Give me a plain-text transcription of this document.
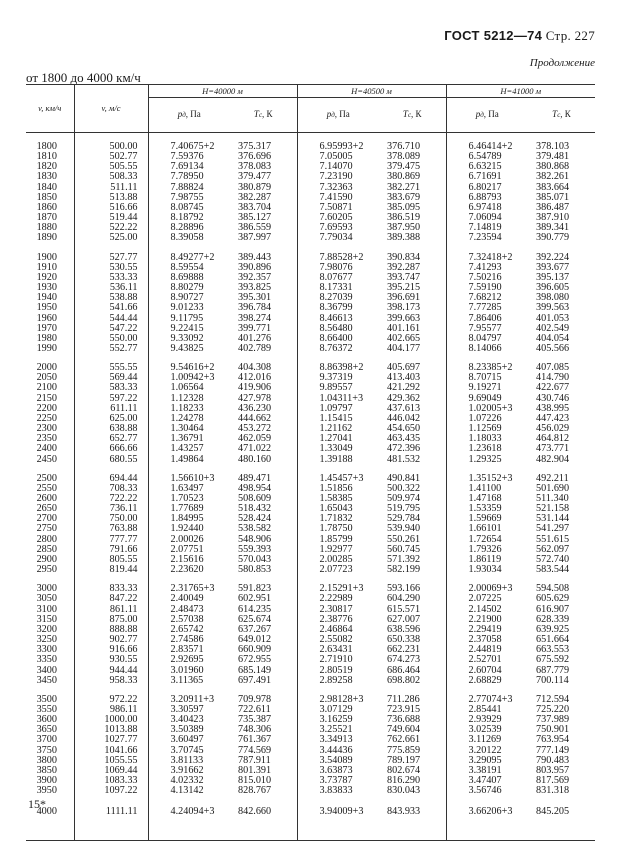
ГОСТ 5212—74 Стр. 227
Продолжение
от 1800 до 4000 км/ч
v, км/ч	v, м/с	H=40000 м		H=40500 м		H=41000 м	
		pд, Па	Tс, К	pд, Па	Tс, К	pд, Па	Tс, К
1800	500.00	7.40675+2	375.317	6.95993+2	376.710	6.46414+2	378.103
1810	502.77	7.59376	376.696	7.05005	378.089	6.54789	379.481
1820	505.55	7.69134	378.083	7.14070	379.475	6.63215	380.868
1830	508.33	7.78950	379.477	7.23190	380.869	6.71691	382.261
1840	511.11	7.88824	380.879	7.32363	382.271	6.80217	383.664
1850	513.88	7.98755	382.287	7.41590	383.679	6.88793	385.071
1860	516.66	8.08745	383.704	7.50871	385.095	6.97418	386.487
1870	519.44	8.18792	385.127	7.60205	386.519	7.06094	387.910
1880	522.22	8.28896	386.559	7.69593	387.950	7.14819	389.341
1890	525.00	8.39058	387.997	7.79034	389.388	7.23594	390.779
1900	527.77	8.49277+2	389.443	7.88528+2	390.834	7.32418+2	392.224
1910	530.55	8.59554	390.896	7.98076	392.287	7.41293	393.677
1920	533.33	8.69888	392.357	8.07677	393.747	7.50216	395.137
1930	536.11	8.80279	393.825	8.17331	395.215	7.59190	396.605
1940	538.88	8.90727	395.301	8.27039	396.691	7.68212	398.080
1950	541.66	9.01233	396.784	8.36799	398.173	7.77285	399.563
1960	544.44	9.11795	398.274	8.46613	399.663	7.86406	401.053
1970	547.22	9.22415	399.771	8.56480	401.161	7.95577	402.549
1980	550.00	9.33092	401.276	8.66400	402.665	8.04797	404.054
1990	552.77	9.43825	402.789	8.76372	404.177	8.14066	405.566
2000	555.55	9.54616+2	404.308	8.86398+2	405.697	8.23385+2	407.085
2050	569.44	1.00942+3	412.016	9.37319	413.403	8.70715	414.790
2100	583.33	1.06564	419.906	9.89557	421.292	9.19271	422.677
2150	597.22	1.12328	427.978	1.04311+3	429.362	9.69049	430.746
2200	611.11	1.18233	436.230	1.09797	437.613	1.02005+3	438.995
2250	625.00	1.24278	444.662	1.15415	446.042	1.07226	447.423
2300	638.88	1.30464	453.272	1.21162	454.650	1.12569	456.029
2350	652.77	1.36791	462.059	1.27041	463.435	1.18033	464.812
2400	666.66	1.43257	471.022	1.33049	472.396	1.23618	473.771
2450	680.55	1.49864	480.160	1.39188	481.532	1.29325	482.904
2500	694.44	1.56610+3	489.471	1.45457+3	490.841	1.35152+3	492.211
2550	708.33	1.63497	498.954	1.51856	500.322	1.41100	501.690
2600	722.22	1.70523	508.609	1.58385	509.974	1.47168	511.340
2650	736.11	1.77689	518.432	1.65043	519.795	1.53359	521.158
2700	750.00	1.84995	528.424	1.71832	529.784	1.59669	531.144
2750	763.88	1.92440	538.582	1.78750	539.940	1.66101	541.297
2800	777.77	2.00026	548.906	1.85799	550.261	1.72654	551.615
2850	791.66	2.07751	559.393	1.92977	560.745	1.79326	562.097
2900	805.55	2.15616	570.043	2.00285	571.392	1.86119	572.740
2950	819.44	2.23620	580.853	2.07723	582.199	1.93034	583.544
3000	833.33	2.31765+3	591.823	2.15291+3	593.166	2.00069+3	594.508
3050	847.22	2.40049	602.951	2.22989	604.290	2.07225	605.629
3100	861.11	2.48473	614.235	2.30817	615.571	2.14502	616.907
3150	875.00	2.57038	625.674	2.38776	627.007	2.21900	628.339
3200	888.88	2.65742	637.267	2.46864	638.596	2.29419	639.925
3250	902.77	2.74586	649.012	2.55082	650.338	2.37058	651.664
3300	916.66	2.83571	660.909	2.63431	662.231	2.44819	663.553
3350	930.55	2.92695	672.955	2.71910	674.273	2.52701	675.592
3400	944.44	3.01960	685.149	2.80519	686.464	2.60704	687.779
3450	958.33	3.11365	697.491	2.89258	698.802	2.68829	700.114
3500	972.22	3.20911+3	709.978	2.98128+3	711.286	2.77074+3	712.594
3550	986.11	3.30597	722.611	3.07129	723.915	2.85441	725.220
3600	1000.00	3.40423	735.387	3.16259	736.688	2.93929	737.989
3650	1013.88	3.50389	748.306	3.25521	749.604	3.02539	750.901
3700	1027.77	3.60497	761.367	3.34913	762.661	3.11269	763.954
3750	1041.66	3.70745	774.569	3.44436	775.859	3.20122	777.149
3800	1055.55	3.81133	787.911	3.54089	789.197	3.29095	790.483
3850	1069.44	3.91662	801.391	3.63873	802.674	3.38191	803.957
3900	1083.33	4.02332	815.010	3.73787	816.290	3.47407	817.569
3950	1097.22	4.13142	828.767	3.83833	830.043	3.56746	831.318
4000	1111.11	4.24094+3	842.660	3.94009+3	843.933	3.66206+3	845.205
15*
